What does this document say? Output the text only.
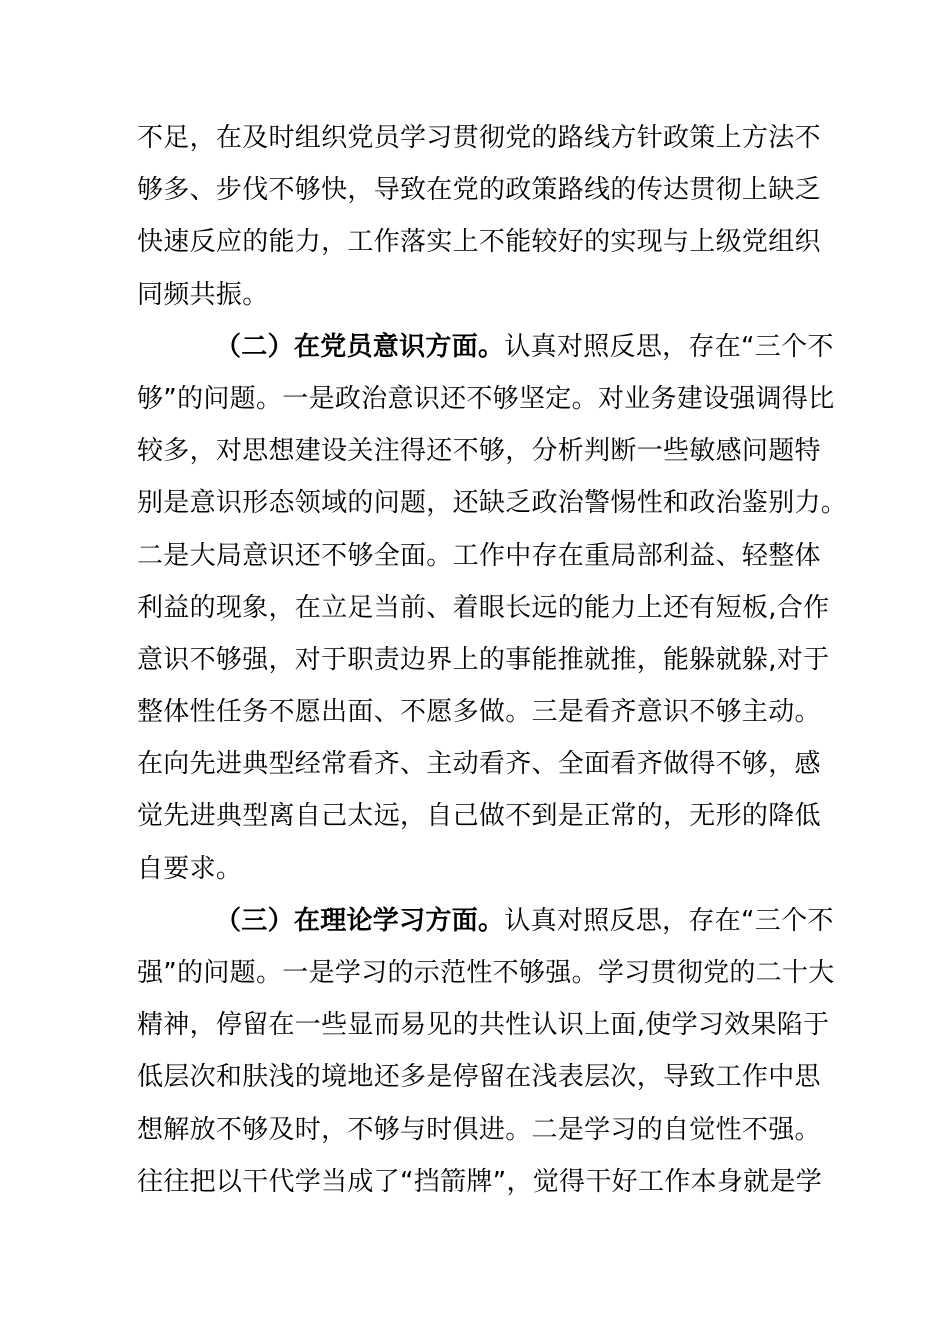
不足，在及时组织党员学习贯彻党的路线方针政策上方法不
够多、步伐不够快，导致在党的政策路线的传达贯彻上缺乏
快速反应的能力，工作落实上不能较好的实现与上级党组织
同频共振。
（二）在党员意识方面。认真对照反思，存在“三个不
够”的问题。一是政治意识还不够坚定。对业务建设强调得比
较多，对思想建设关注得还不够，分析判断一些敏感问题特
别是意识形态领域的问题，还缺乏政治警惕性和政治鉴别力。
二是大局意识还不够全面。工作中存在重局部利益、轻整体
利益的现象，在立足当前、着眼长远的能力上还有短板,合作
意识不够强，对于职责边界上的事能推就推，能躲就躲,对于
整体性任务不愿出面、不愿多做。三是看齐意识不够主动。
在向先进典型经常看齐、主动看齐、全面看齐做得不够，感
觉先进典型离自己太远，自己做不到是正常的，无形的降低
自要求。
（三）在理论学习方面。认真对照反思，存在“三个不
强”的问题。一是学习的示范性不够强。学习贯彻党的二十大
精神，停留在一些显而易见的共性认识上面,使学习效果陷于
低层次和肤浅的境地还多是停留在浅表层次，导致工作中思
想解放不够及时，不够与时俱进。二是学习的自觉性不强。
往往把以干代学当成了“挡箭牌”，觉得干好工作本身就是学
